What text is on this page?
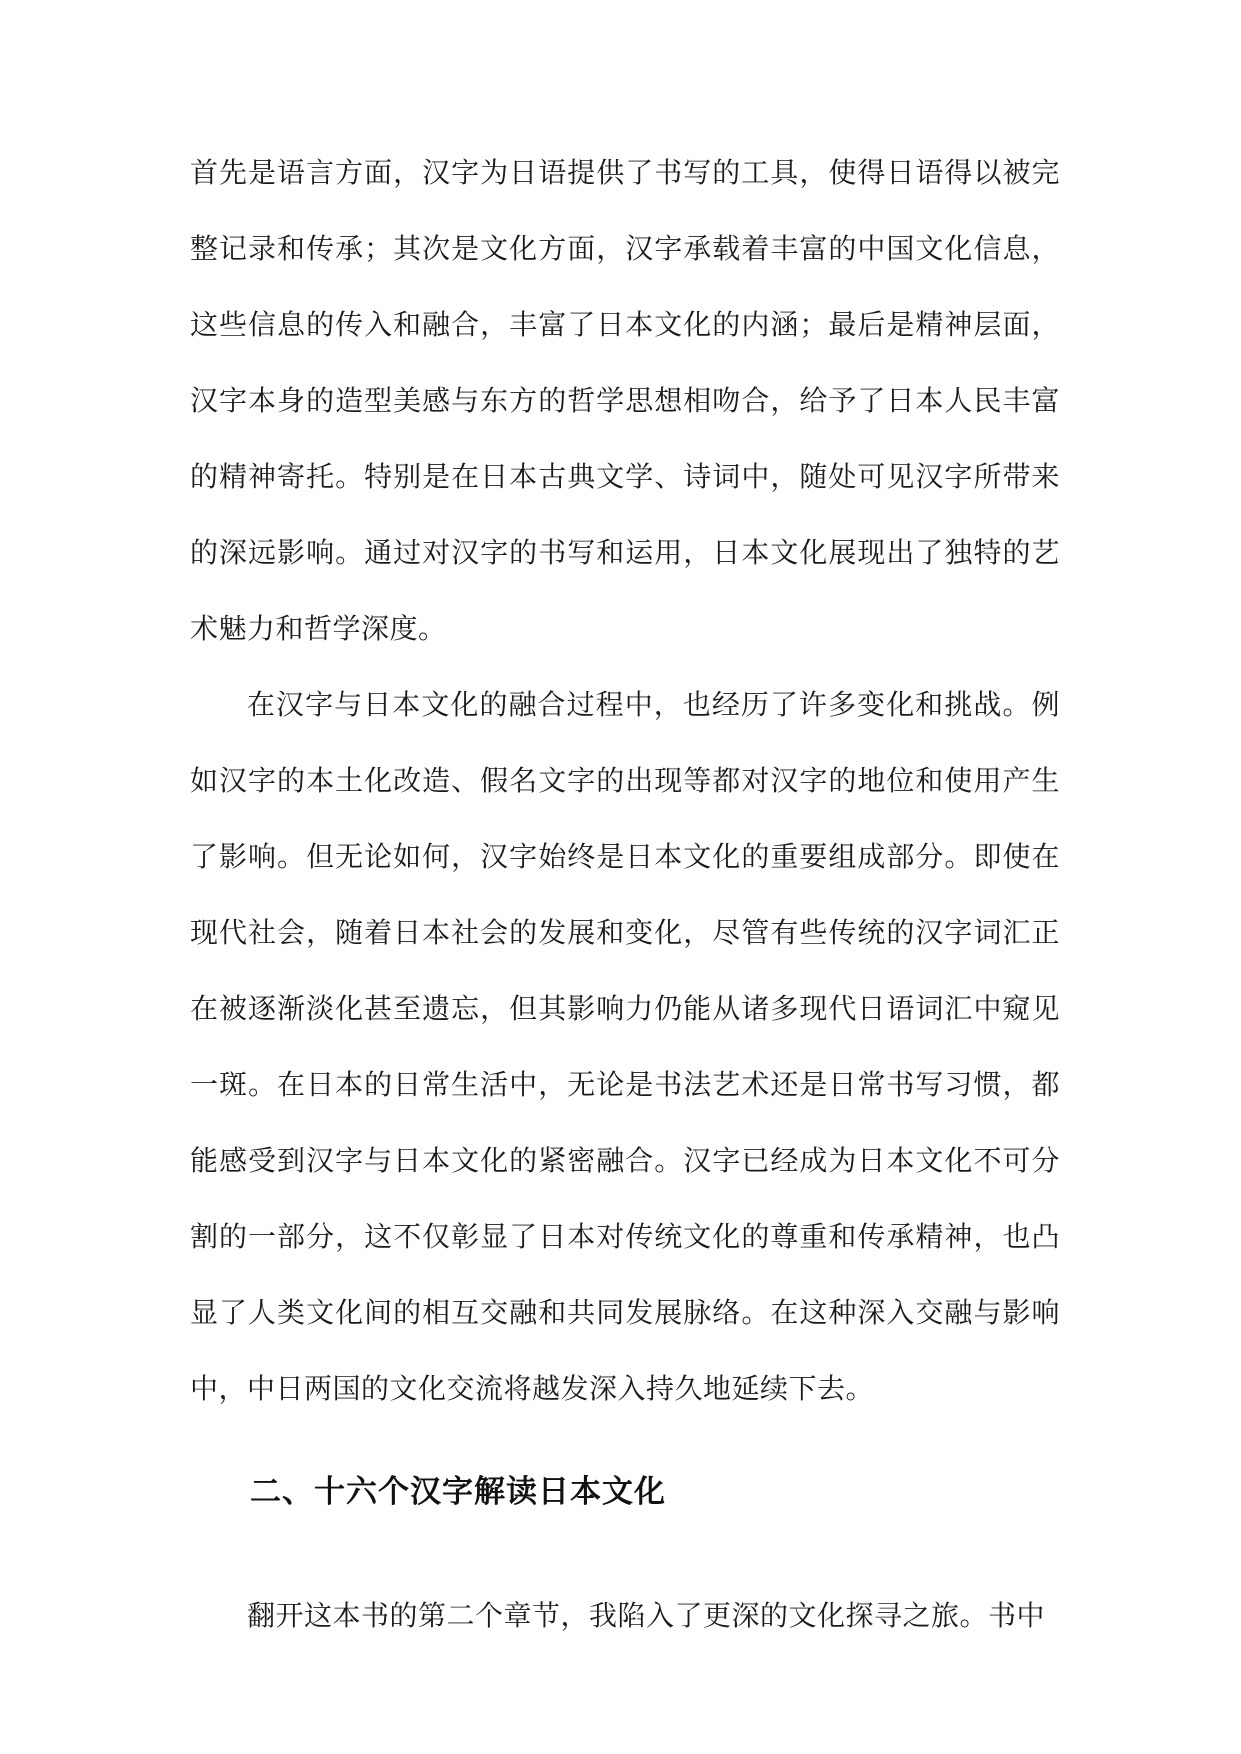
首先是语言方面，汉字为日语提供了书写的工具，使得日语得以被完整记录和传承；其次是文化方面，汉字承载着丰富的中国文化信息，这些信息的传入和融合，丰富了日本文化的内涵；最后是精神层面，汉字本身的造型美感与东方的哲学思想相吻合，给予了日本人民丰富的精神寄托。特别是在日本古典文学、诗词中，随处可见汉字所带来的深远影响。通过对汉字的书写和运用，日本文化展现出了独特的艺术魅力和哲学深度。

在汉字与日本文化的融合过程中，也经历了许多变化和挑战。例如汉字的本土化改造、假名文字的出现等都对汉字的地位和使用产生了影响。但无论如何，汉字始终是日本文化的重要组成部分。即使在现代社会，随着日本社会的发展和变化，尽管有些传统的汉字词汇正在被逐渐淡化甚至遗忘，但其影响力仍能从诸多现代日语词汇中窥见一斑。在日本的日常生活中，无论是书法艺术还是日常书写习惯，都能感受到汉字与日本文化的紧密融合。汉字已经成为日本文化不可分割的一部分，这不仅彰显了日本对传统文化的尊重和传承精神，也凸显了人类文化间的相互交融和共同发展脉络。在这种深入交融与影响中，中日两国的文化交流将越发深入持久地延续下去。

二、十六个汉字解读日本文化

翻开这本书的第二个章节，我陷入了更深的文化探寻之旅。书中
